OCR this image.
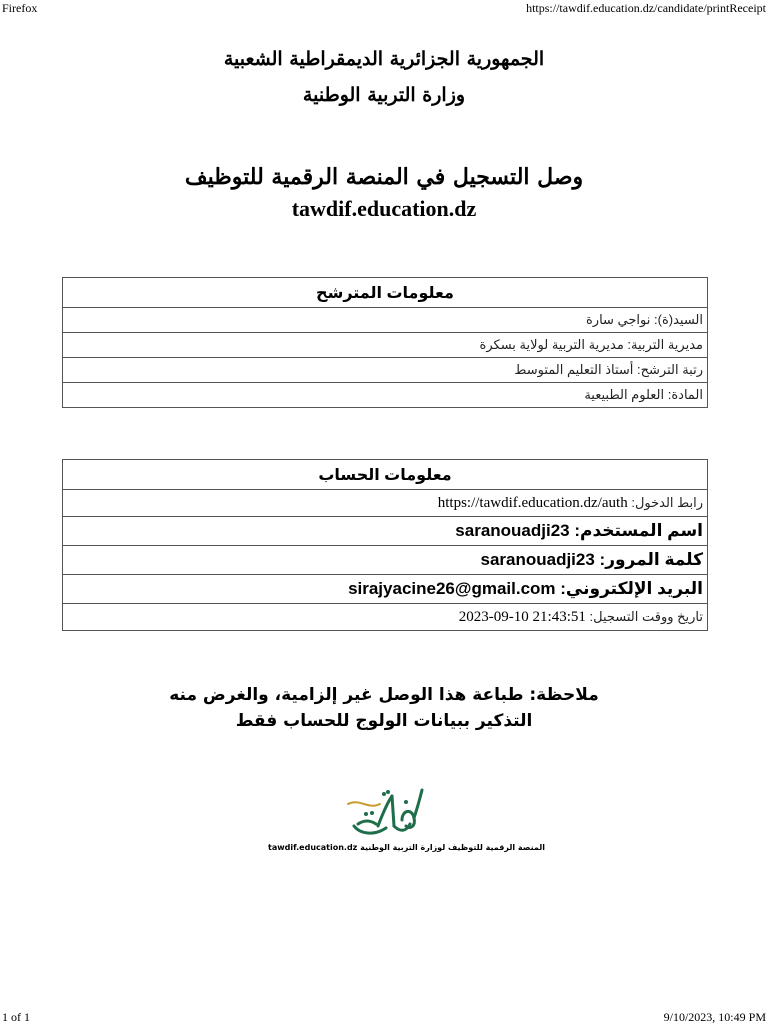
Firefox	https://tawdif.education.dz/candidate/printReceipt
الجمهورية الجزائرية الديمقراطية الشعبية
وزارة التربية الوطنية
وصل التسجيل في المنصة الرقمية للتوظيف
tawdif.education.dz
معلومات المترشح
السيد(ة): نواجي سارة
مديرية التربية: مديرية التربية لولاية بسكرة
رتبة الترشح: أستاذ التعليم المتوسط
المادة: العلوم الطبيعية
معلومات الحساب
رابط الدخول: https://tawdif.education.dz/auth
اسم المستخدم: saranouadji23
كلمة المرور: saranouadji23
البريد الإلكتروني: sirajyacine26@gmail.com
تاريخ ووقت التسجيل: 2023-09-10 21:43:51
ملاحظة: طباعة هذا الوصل غير إلزامية، والغرض منه
التذكير ببيانات الولوج للحساب فقط
tawdif.education.dz المنصة الرقمية للتوظيف لوزارة التربية الوطنية
1 of 1	9/10/2023, 10:49 PM
